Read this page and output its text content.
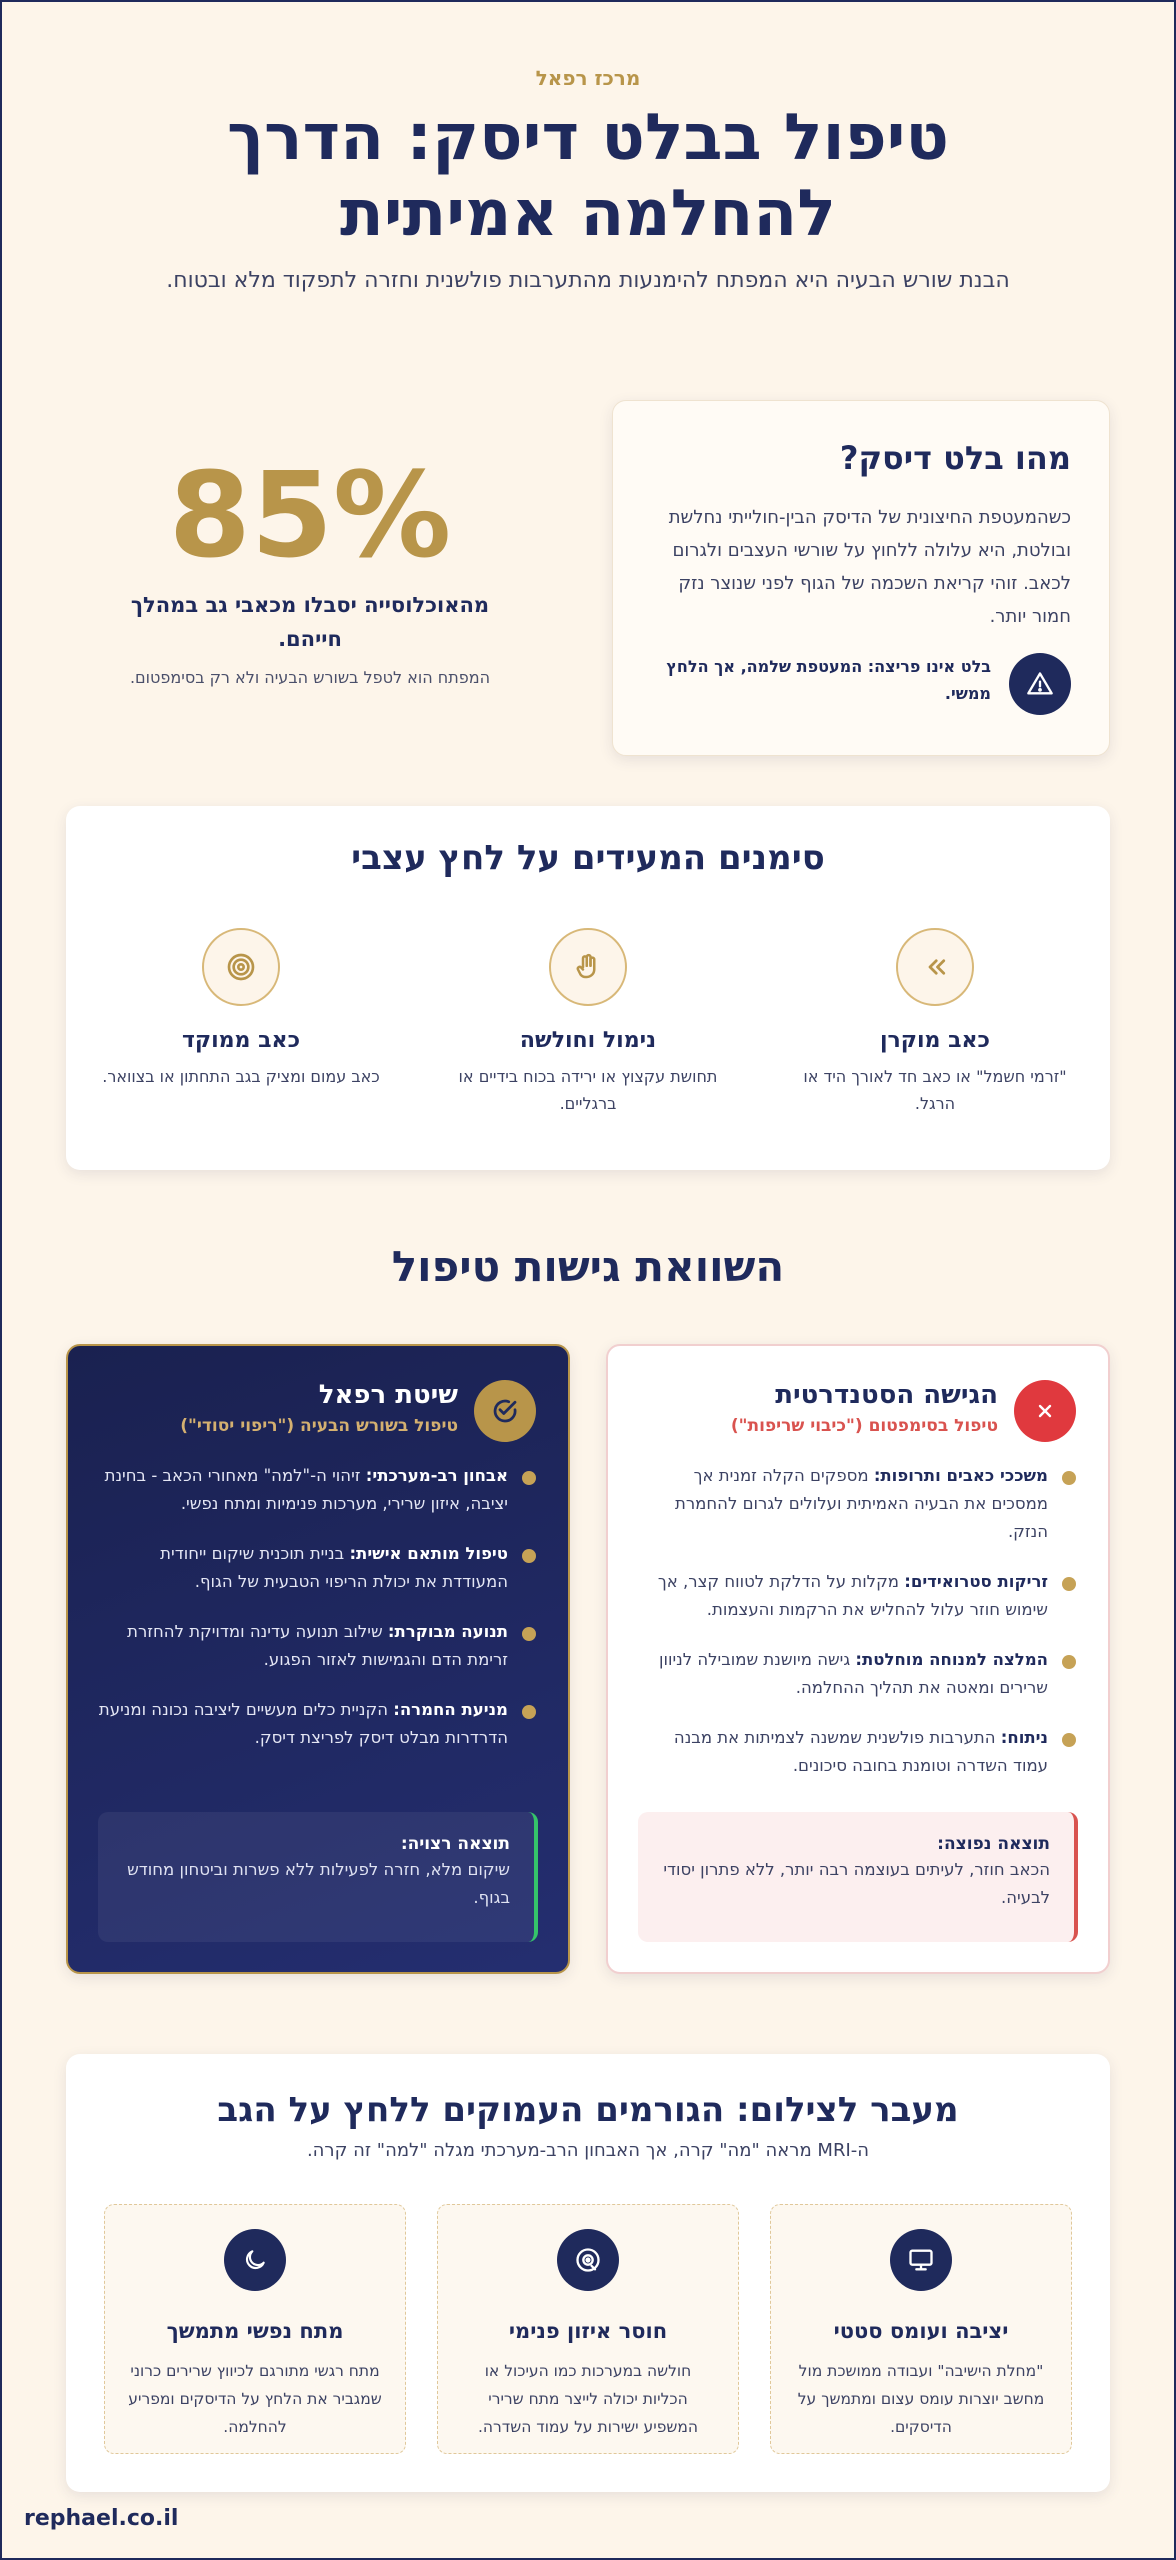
מרכז רפאל
טיפול בבלט דיסק: הדרך להחלמה אמיתית

הבנת שורש הבעיה היא המפתח להימנעות מהתערבות פולשנית וחזרה לתפקוד מלא ובטוח.

מהו בלט דיסק?

כשהמעטפת החיצונית של הדיסק הבין-חולייתי נחלשת ובולטת, היא עלולה ללחוץ על שורשי העצבים ולגרום לכאב. זוהי קריאת השכמה של הגוף לפני שנוצר נזק חמור יותר.

בלט אינו פריצה: המעטפת שלמה, אך הלחץ ממשי.

85%
מהאוכלוסייה יסבלו מכאבי גב במהלך חייהם.
המפתח הוא לטפל בשורש הבעיה ולא רק בסימפטום.
סימנים המעידים על לחץ עצבי
כאב מוקרן
"זרמי חשמל" או כאב חד לאורך היד או הרגל.
נימול וחולשה
תחושת עקצוץ או ירידה בכוח בידיים או ברגליים.
כאב ממוקד
כאב עמום ומציק בגב התחתון או בצוואר.
השוואת גישות טיפול
הגישה הסטנדרטית
טיפול בסימפטום ("כיבוי שריפות")
משככי כאבים ותרופות: מספקים הקלה זמנית אך ממסכים את הבעיה האמיתית ועלולים לגרום להחמרת הנזק.
זריקות סטרואידים: מקלות על הדלקת לטווח קצר, אך שימוש חוזר עלול להחליש את הרקמות והעצמות.
המלצה למנוחה מוחלטת: גישה מיושנת שמובילה לניוון שרירים ומאטה את תהליך ההחלמה.
ניתוח: התערבות פולשנית שמשנה לצמיתות את מבנה עמוד השדרה וטומנת בחובה סיכונים.
תוצאה נפוצה:
הכאב חוזר, לעיתים בעוצמה רבה יותר, ללא פתרון יסודי לבעיה.
שיטת רפאל
טיפול בשורש הבעיה ("ריפוי יסודי")
אבחון רב-מערכתי: זיהוי ה-"למה" מאחורי הכאב - בחינת יציבה, איזון שרירי, מערכות פנימיות ומתח נפשי.
טיפול מותאם אישית: בניית תוכנית שיקום ייחודית המעודדת את יכולת הריפוי הטבעית של הגוף.
תנועה מבוקרת: שילוב תנועה עדינה ומדויקת להחזרת זרימת הדם והגמישות לאזור הפגוע.
מניעת החמרה: הקניית כלים מעשיים ליציבה נכונה ומניעת הדרדרות מבלט דיסק לפריצת דיסק.
תוצאה רצויה:
שיקום מלא, חזרה לפעילות ללא פשרות וביטחון מחודש בגוף.
מעבר לצילום: הגורמים העמוקים ללחץ על הגב

ה-MRI מראה "מה" קרה, אך האבחון הרב-מערכתי מגלה "למה" זה קרה.

יציבה ועומס סטטי
"מחלת הישיבה" ועבודה ממושכת מול מחשב יוצרות עומס עצום ומתמשך על הדיסקים.
חוסר איזון פנימי
חולשה במערכות כמו העיכול או הכליות יכולה לייצר מתח שרירי המשפיע ישירות על עמוד השדרה.
מתח נפשי מתמשך
מתח רגשי מתורגם לכיווץ שרירים כרוני שמגביר את הלחץ על הדיסקים ומפריע להחלמה.
rephael.co.il
